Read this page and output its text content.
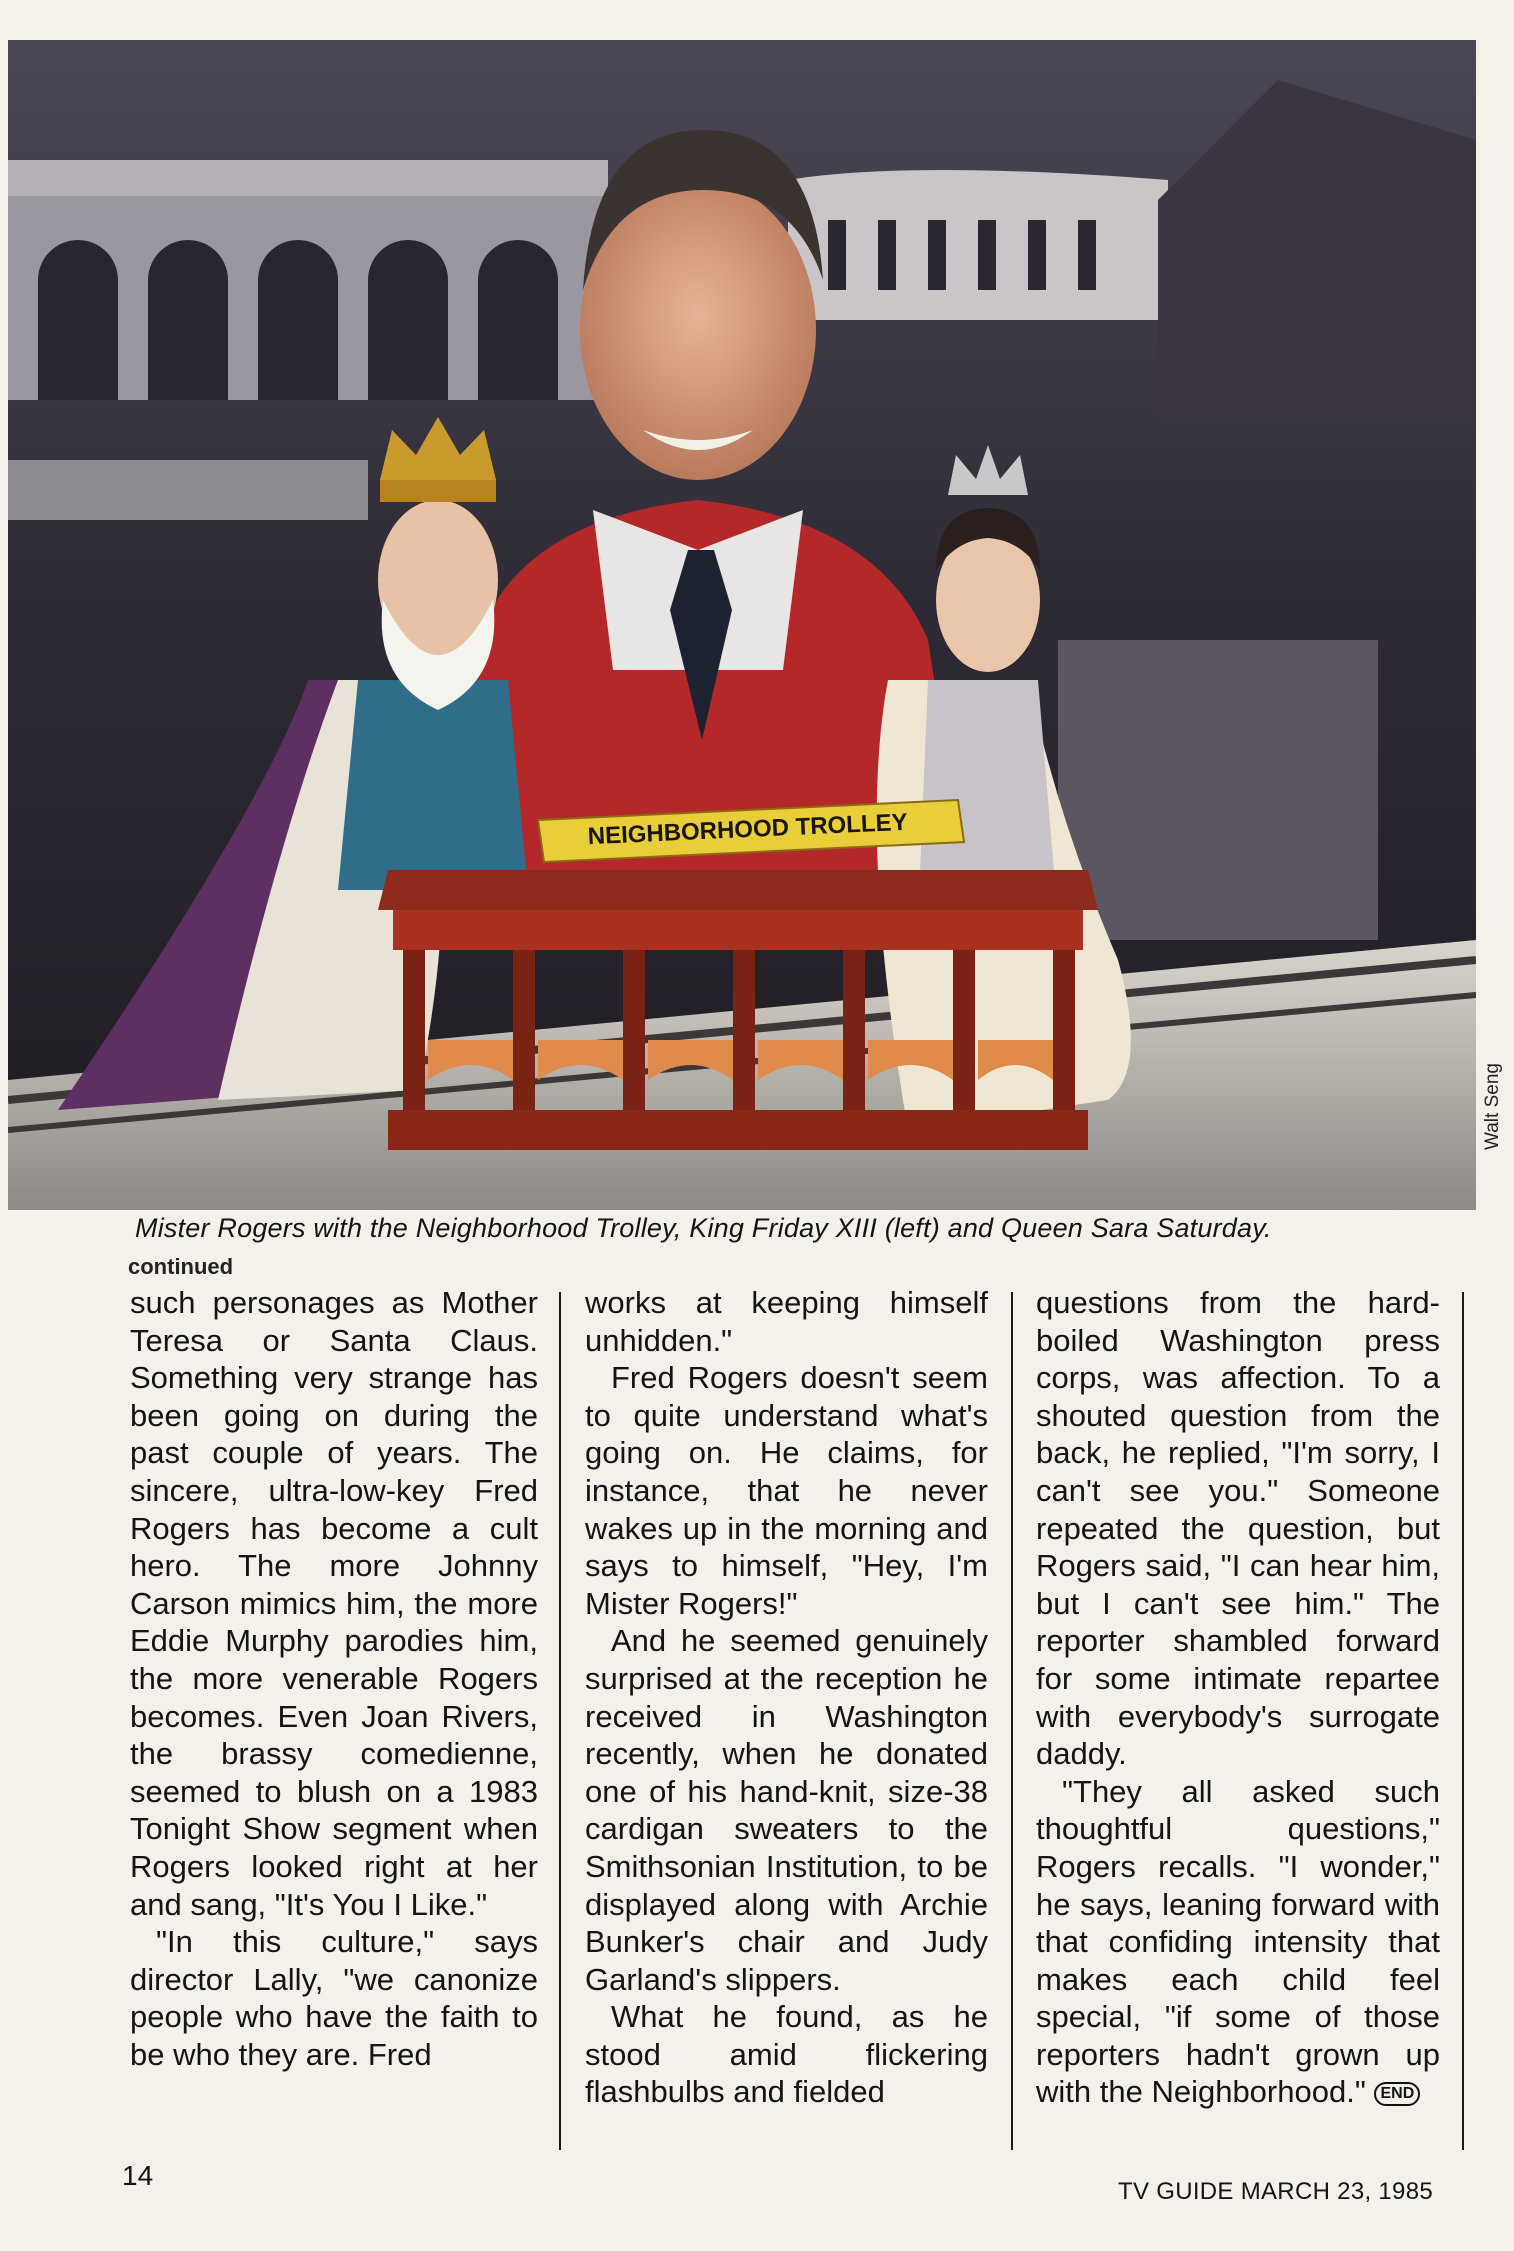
NEIGHBORHOOD TROLLEY
Walt Seng
Mister Rogers with the Neighborhood Trolley, King Friday XIII (left) and Queen Sara Saturday.
continued

such personages as Mother Teresa or Santa Claus. Something very strange has been going on during the past couple of years. The sincere, ultra-low-key Fred Rogers has become a cult hero. The more Johnny Carson mimics him, the more Eddie Murphy parodies him, the more venerable Rogers becomes. Even Joan Rivers, the brassy comedienne, seemed to blush on a 1983 Tonight Show segment when Rogers looked right at her and sang, "It's You I Like."

"In this culture," says director Lally, "we canonize people who have the faith to be who they are. Fred

works at keeping himself unhidden."

Fred Rogers doesn't seem to quite understand what's going on. He claims, for instance, that he never wakes up in the morning and says to himself, "Hey, I'm Mister Rogers!"

And he seemed genuinely surprised at the reception he received in Washington recently, when he donated one of his hand-knit, size-38 cardigan sweaters to the Smithsonian Institution, to be displayed along with Archie Bunker's chair and Judy Garland's slippers.

What he found, as he stood amid flickering flashbulbs and fielded

questions from the hard-boiled Washington press corps, was affection. To a shouted question from the back, he replied, "I'm sorry, I can't see you." Someone repeated the question, but Rogers said, "I can hear him, but I can't see him." The reporter shambled forward for some intimate repartee with everybody's surrogate daddy.

"They all asked such thoughtful questions," Rogers recalls. "I wonder," he says, leaning forward with that confiding intensity that makes each child feel special, "if some of those reporters hadn't grown up with the Neighborhood." END

14
TV GUIDE MARCH 23, 1985
